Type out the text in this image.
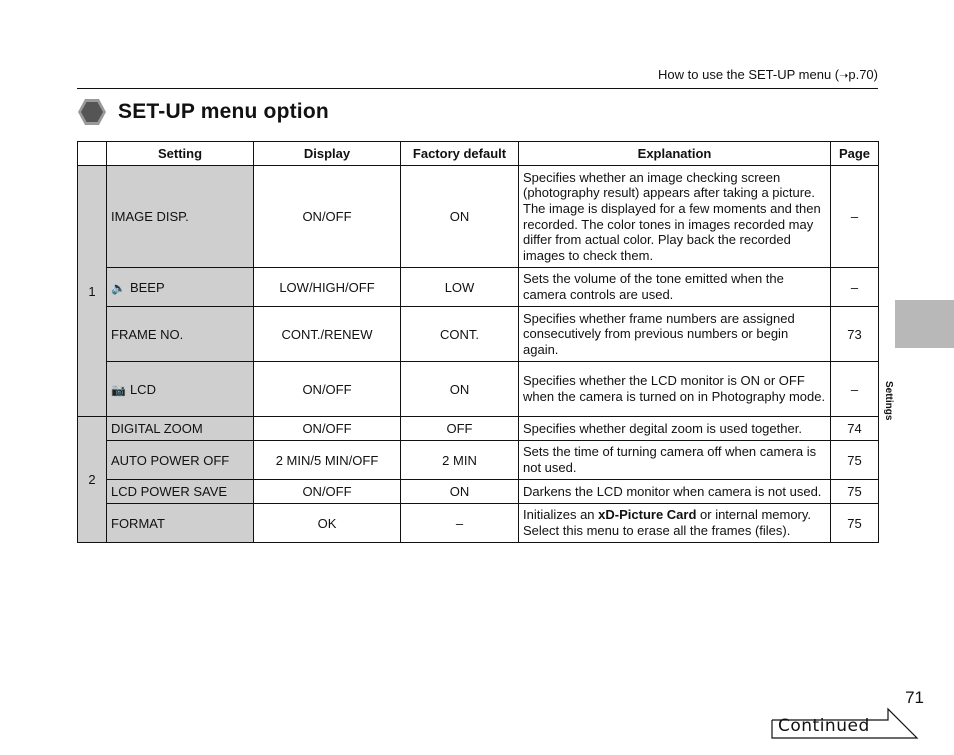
How to use the SET-UP menu (➝p.70)
SET-UP menu option
	Setting	Display	Factory default	Explanation	Page
1	IMAGE DISP.	ON/OFF	ON	Specifies whether an image checking screen (photography result) appears after taking a picture. The image is displayed for a few moments and then recorded. The color tones in images recorded may differ from actual color. Play back the recorded images to check them.	–
	🔈 BEEP	LOW/HIGH/OFF	LOW	Sets the volume of the tone emitted when the camera controls are used.	–
	FRAME NO.	CONT./RENEW	CONT.	Specifies whether frame numbers are assigned consecutively from previous numbers or begin again.	73
	📷 LCD	ON/OFF	ON	Specifies whether the LCD monitor is ON or OFF when the camera is turned on in Photography mode.	–
2	DIGITAL ZOOM	ON/OFF	OFF	Specifies whether degital zoom is used together.	74
	AUTO POWER OFF	2 MIN/5 MIN/OFF	2 MIN	Sets the time of turning camera off when camera is not used.	75
	LCD POWER SAVE	ON/OFF	ON	Darkens the LCD monitor when camera is not used.	75
	FORMAT	OK	–	Initializes an xD-Picture Card or internal memory. Select this menu to erase all the frames (files).	75
Settings
71
Continued
